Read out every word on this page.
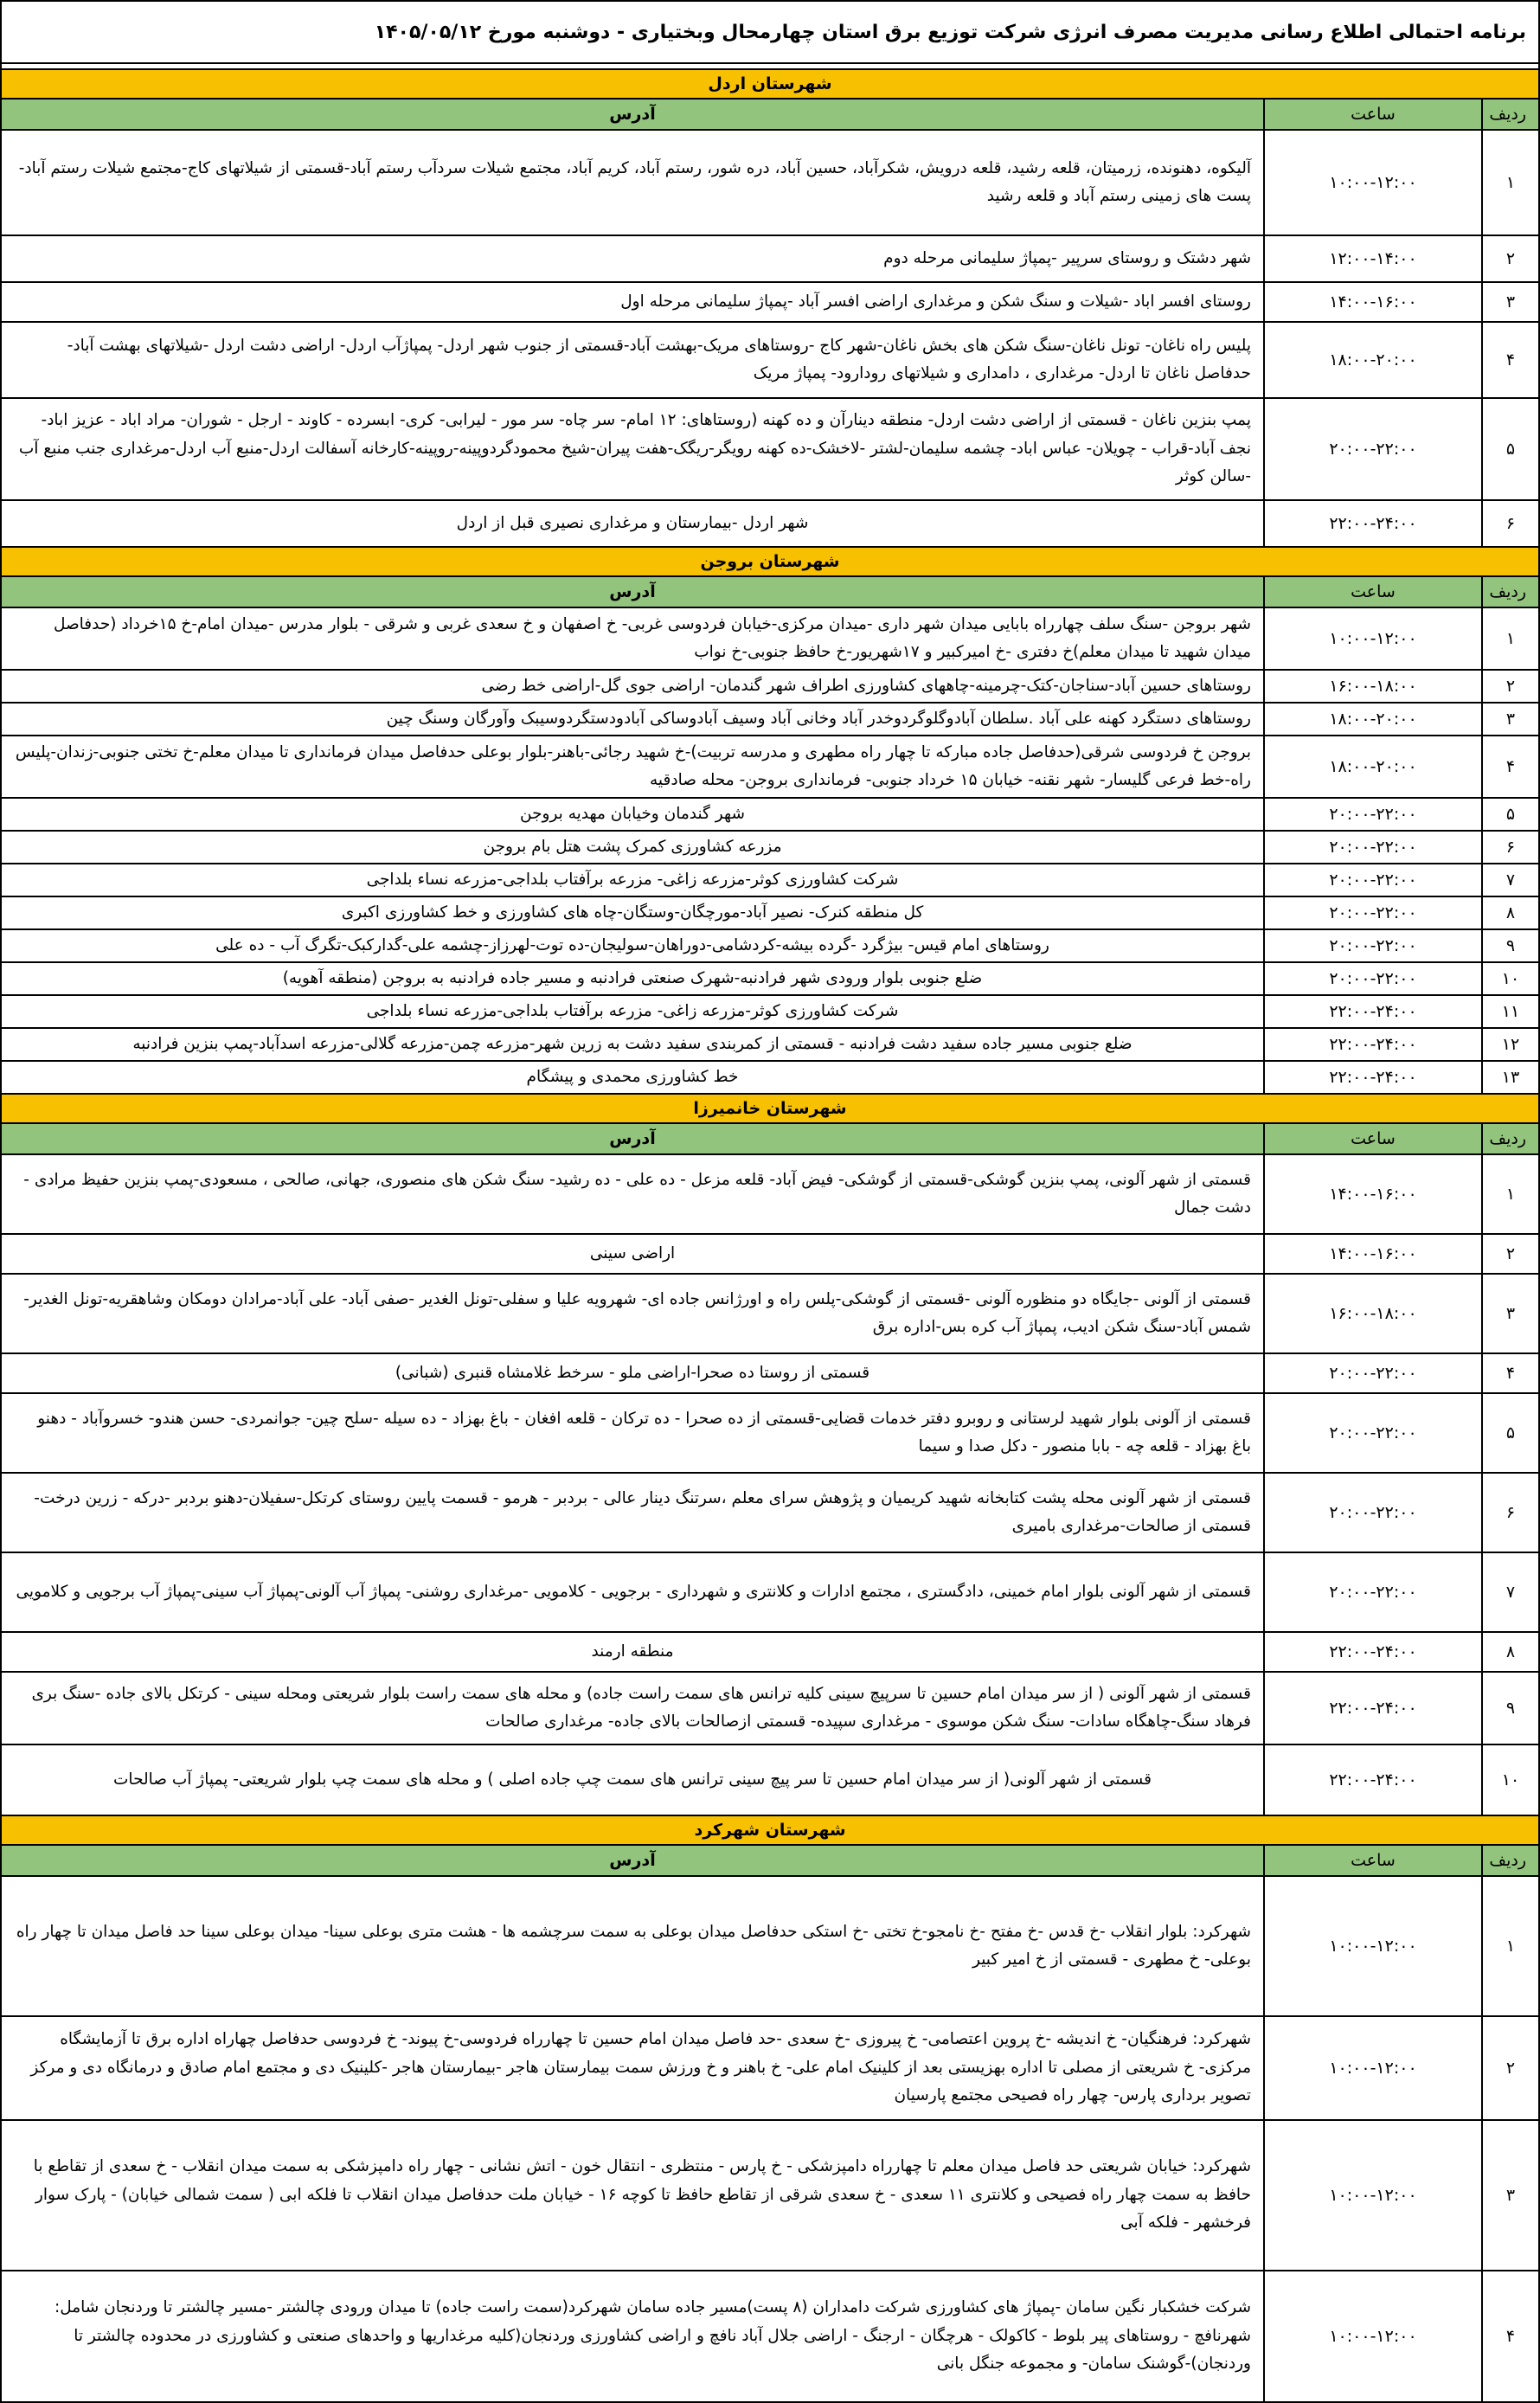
برنامه احتمالی اطلاع رسانی مدیریت مصرف انرژی شرکت توزیع برق استان چهارمحال وبختیاری - دوشنبه مورخ ۱۴۰۵/۰۵/۱۲		

شهرستان اردل		
ردیف	ساعت	آدرس
۱	۱۰:۰۰-۱۲:۰۰	آلیکوه، دهنونده، زرمیتان، قلعه رشید، قلعه درویش، شکرآباد، حسین آباد، دره شور، رستم آباد، کریم آباد، مجتمع شیلات سردآب رستم آباد-قسمتی از شیلاتهای کاج-مجتمع شیلات رستم آباد-پست های زمینی رستم آباد و قلعه رشید
۲	۱۲:۰۰-۱۴:۰۰	شهر دشتک و روستای سرپیر -پمپاژ سلیمانی مرحله دوم
۳	۱۴:۰۰-۱۶:۰۰	روستای افسر اباد -شیلات و سنگ شکن و مرغداری اراضی افسر آباد -پمپاژ سلیمانی مرحله اول
۴	۱۸:۰۰-۲۰:۰۰	پلیس راه ناغان- تونل ناغان-سنگ شکن های بخش ناغان-شهر کاج -روستاهای مریک-بهشت آباد-قسمتی از جنوب شهر اردل- پمپاژآب اردل- اراضی دشت اردل -شیلاتهای بهشت آباد- حدفاصل ناغان تا اردل- مرغداری ، دامداری و شیلاتهای رودارود- پمپاژ مریک
۵	۲۰:۰۰-۲۲:۰۰	پمپ بنزین ناغان - قسمتی از اراضی دشت اردل- منطقه دینارآن و ده کهنه (روستاهای: ۱۲ امام- سر چاه- سر مور - لیرابی- کری- ابسرده - کاوند - ارجل - شوران- مراد اباد - عزیز اباد-نجف آباد-قراب - چویلان- عباس اباد- چشمه سلیمان-لشتر -لاخشک-ده کهنه رویگر-ریگک-هفت پیران-شیخ محمودگردوپینه-روپینه-کارخانه آسفالت اردل-منبع آب اردل-مرغداری جنب منبع آب -سالن کوثر
۶	۲۲:۰۰-۲۴:۰۰	شهر اردل -بیمارستان و مرغداری نصیری قبل از اردل
شهرستان بروجن		
ردیف	ساعت	آدرس
۱	۱۰:۰۰-۱۲:۰۰	شهر بروجن -سنگ سلف چهارراه بابایی میدان شهر داری -میدان مرکزی-خیابان فردوسی غربی- خ اصفهان و خ سعدی غربی و شرقی - بلوار مدرس -میدان امام-خ ۱۵خرداد (حدفاصل میدان شهید تا میدان معلم)خ دفتری -خ امیرکبیر و ۱۷شهریور-خ حافظ جنوبی-خ نواب
۲	۱۶:۰۰-۱۸:۰۰	روستاهای حسین آباد-سناجان-کتک-چرمینه-چاههای کشاورزی اطراف شهر گندمان- اراضی جوی گل-اراضی خط رضی
۳	۱۸:۰۰-۲۰:۰۰	روستاهای دستگرد کهنه علی آباد .سلطان آبادوگلوگردوخدر آباد وخانی آباد وسیف آبادوساکی آبادودستگردوسیبک وآورگان وسنگ چین
۴	۱۸:۰۰-۲۰:۰۰	بروجن خ فردوسی شرقی(حدفاصل جاده مبارکه تا چهار راه مطهری و مدرسه تربیت)-خ شهید رجائی-باهنر-بلوار بوعلی حدفاصل میدان فرمانداری تا میدان معلم-خ تختی جنوبی-زندان-پلیس راه-خط فرعی گلیسار- شهر نقنه- خیابان ۱۵ خرداد جنوبی- فرمانداری بروجن- محله صادقیه
۵	۲۰:۰۰-۲۲:۰۰	شهر گندمان وخیابان مهدیه بروجن
۶	۲۰:۰۰-۲۲:۰۰	مزرعه کشاورزی کمرک پشت هتل بام بروجن
۷	۲۰:۰۰-۲۲:۰۰	شرکت کشاورزی کوثر-مزرعه زاغی- مزرعه برآفتاب بلداجی-مزرعه نساء بلداجی
۸	۲۰:۰۰-۲۲:۰۰	کل منطقه کنرک- نصیر آباد-مورچگان-وستگان-چاه های کشاورزی و خط کشاورزی اکبری
۹	۲۰:۰۰-۲۲:۰۰	روستاهای امام قیس- بیژگرد -گرده بیشه-کردشامی-دوراهان-سولیجان-ده توت-لهرزاز-چشمه علی-گدارکبک-تگرگ آب - ده علی
۱۰	۲۰:۰۰-۲۲:۰۰	ضلع جنوبی بلوار ورودی شهر فرادنبه-شهرک صنعتی فرادنبه و مسیر جاده فرادنبه به بروجن (منطقه آهویه)
۱۱	۲۲:۰۰-۲۴:۰۰	شرکت کشاورزی کوثر-مزرعه زاغی- مزرعه برآفتاب بلداجی-مزرعه نساء بلداجی
۱۲	۲۲:۰۰-۲۴:۰۰	ضلع جنوبی مسیر جاده سفید دشت فرادنبه - قسمتی از کمربندی سفید دشت به زرین شهر-مزرعه چمن-مزرعه گلالی-مزرعه اسدآباد-پمپ بنزین فرادنبه
۱۳	۲۲:۰۰-۲۴:۰۰	خط کشاورزی محمدی و پیشگام
شهرستان خانمیرزا		
ردیف	ساعت	آدرس
۱	۱۴:۰۰-۱۶:۰۰	قسمتی از شهر آلونی، پمپ بنزین گوشکی-قسمتی از گوشکی- فیض آباد- قلعه مزعل - ده علی - ده رشید- سنگ شکن های منصوری، جهانی، صالحی ، مسعودی-پمپ بنزین حفیظ مرادی - دشت جمال
۲	۱۴:۰۰-۱۶:۰۰	اراضی سینی
۳	۱۶:۰۰-۱۸:۰۰	قسمتی از آلونی -جایگاه دو منظوره آلونی -قسمتی از گوشکی-پلس راه و اورژانس جاده ای- شهرویه علیا و سفلی-تونل الغدیر -صفی آباد- علی آباد-مرادان دومکان وشاهقریه-تونل الغدیر-شمس آباد-سنگ شکن ادیب، پمپاژ آب کره بس-اداره برق
۴	۲۰:۰۰-۲۲:۰۰	قسمتی از روستا ده صحرا-اراضی ملو - سرخط غلامشاه قنبری (شبانی)
۵	۲۰:۰۰-۲۲:۰۰	قسمتی از آلونی بلوار شهید لرستانی و روبرو دفتر خدمات قضایی-قسمتی از ده صحرا - ده ترکان - قلعه افغان - باغ بهزاد - ده سیله -سلح چین- جوانمردی- حسن هندو- خسروآباد - دهنو باغ بهزاد - قلعه چه - بابا منصور - دکل صدا و سیما
۶	۲۰:۰۰-۲۲:۰۰	قسمتی از شهر آلونی محله پشت کتابخانه شهید کریمیان و پژوهش سرای معلم ،سرتنگ دینار عالی - بردبر - هرمو - قسمت پایین روستای کرتکل-سفیلان-دهنو بردبر -درکه - زرین درخت- قسمتی از صالحات-مرغداری بامیری
۷	۲۰:۰۰-۲۲:۰۰	قسمتی از شهر آلونی بلوار امام خمینی، دادگستری ، مجتمع ادارات و کلانتری و شهرداری - برجویی - کلامویی -مرغداری روشنی- پمپاژ آب آلونی-پمپاژ آب سینی-پمپاژ آب برجویی و کلامویی
۸	۲۲:۰۰-۲۴:۰۰	منطقه ارمند
۹	۲۲:۰۰-۲۴:۰۰	قسمتی از شهر آلونی ( از سر میدان امام حسین تا سرپیچ سینی کلیه ترانس های سمت راست جاده) و محله های سمت راست بلوار شریعتی ومحله سینی - کرتکل بالای جاده -سنگ بری فرهاد سنگ-چاهگاه سادات- سنگ شکن موسوی - مرغداری سپیده- قسمتی ازصالحات بالای جاده- مرغداری صالحات
۱۰	۲۲:۰۰-۲۴:۰۰	قسمتی از شهر آلونی( از سر میدان امام حسین تا سر پیچ سینی ترانس های سمت چپ جاده اصلی ) و محله های سمت چپ بلوار شریعتی- پمپاژ آب صالحات
شهرستان شهرکرد		
ردیف	ساعت	آدرس
۱	۱۰:۰۰-۱۲:۰۰	شهرکرد: بلوار انقلاب -خ قدس -خ مفتح -خ نامجو-خ تختی -خ استکی حدفاصل میدان بوعلی به سمت سرچشمه ها - هشت متری بوعلی سینا- میدان بوعلی سینا حد فاصل میدان تا چهار راه بوعلی- خ مطهری - قسمتی از خ امیر کبیر
۲	۱۰:۰۰-۱۲:۰۰	شهرکرد: فرهنگیان- خ اندیشه -خ پروین اعتصامی- خ پیروزی -خ سعدی -حد فاصل میدان امام حسین تا چهارراه فردوسی-خ پیوند- خ فردوسی حدفاصل چهاراه اداره برق تا آزمایشگاه مرکزی- خ شریعتی از مصلی تا اداره بهزیستی بعد از کلینیک امام علی- خ باهنر و خ ورزش سمت بیمارستان هاجر -بیمارستان هاجر -کلینیک دی و مجتمع امام صادق و درمانگاه دی و مرکز تصویر برداری پارس- چهار راه فصیحی مجتمع پارسیان
۳	۱۰:۰۰-۱۲:۰۰	شهرکرد: خیابان شریعتی حد فاصل میدان معلم تا چهارراه دامپزشکی - خ پارس - منتظری - انتقال خون - اتش نشانی - چهار راه دامپزشکی به سمت میدان انقلاب - خ سعدی از تقاطع با حافظ به سمت چهار راه فصیحی و کلانتری ۱۱ سعدی - خ سعدی شرقی از تقاطع حافظ تا کوچه ۱۶ - خیابان ملت حدفاصل میدان انقلاب تا فلکه ابی ( سمت شمالی خیابان) - پارک سوار فرخشهر - فلکه آبی
۴	۱۰:۰۰-۱۲:۰۰	شرکت خشکبار نگین سامان -پمپاژ های کشاورزی شرکت دامداران (۸ پست)مسیر جاده سامان شهرکرد(سمت راست جاده) تا میدان ورودی چالشتر -مسیر چالشتر تا وردنجان شامل: شهرنافچ - روستاهای پیر بلوط - کاکولک - هرچگان - ارجنگ - اراضی جلال آباد نافچ و اراضی کشاورزی وردنجان(کلیه مرغداریها و واحدهای صنعتی و کشاورزی در محدوده چالشتر تا وردنجان)-گوشنک سامان- و مجموعه جنگل بانی
